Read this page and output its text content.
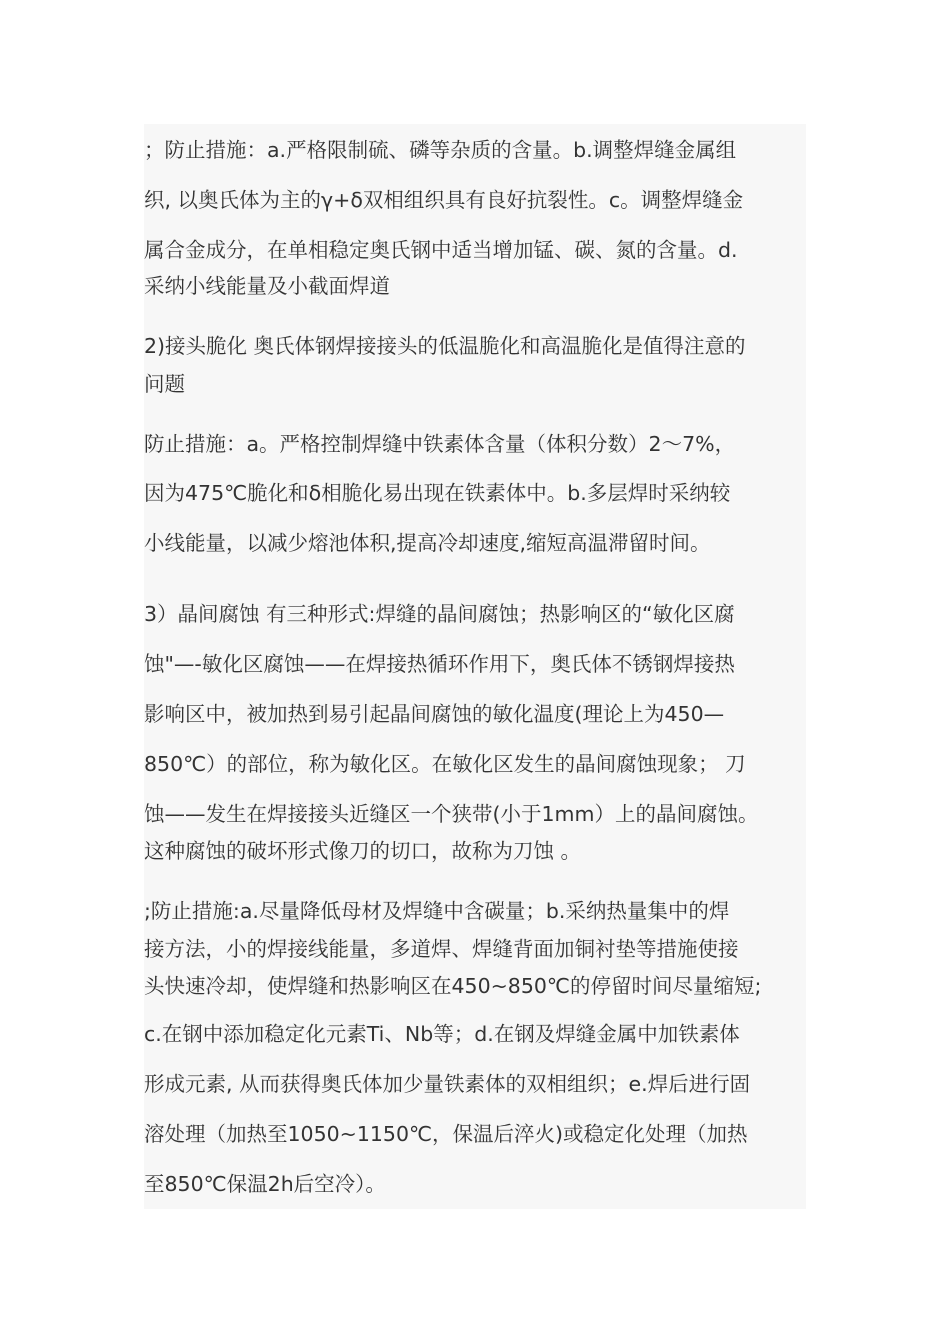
；防止措施：a.严格限制硫、磷等杂质的含量。b.调整焊缝金属组
织, 以奥氏体为主的γ+δ双相组织具有良好抗裂性。c。调整焊缝金
属合金成分，在单相稳定奥氏钢中适当增加锰、碳、氮的含量。d.
采纳小线能量及小截面焊道
2)接头脆化 奥氏体钢焊接接头的低温脆化和高温脆化是值得注意的
问题
防止措施：a。严格控制焊缝中铁素体含量（体积分数）2～7%，
因为475℃脆化和δ相脆化易出现在铁素体中。b.多层焊时采纳较
小线能量，以减少熔池体积,提高冷却速度,缩短高温滞留时间。
3）晶间腐蚀 有三种形式:焊缝的晶间腐蚀；热影响区的“敏化区腐
蚀"—-敏化区腐蚀——在焊接热循环作用下，奥氏体不锈钢焊接热
影响区中，被加热到易引起晶间腐蚀的敏化温度(理论上为450—
850℃）的部位，称为敏化区。在敏化区发生的晶间腐蚀现象； 刀
蚀——发生在焊接接头近缝区一个狭带(小于1mm）上的晶间腐蚀。
这种腐蚀的破坏形式像刀的切口，故称为刀蚀 。
;防止措施:a.尽量降低母材及焊缝中含碳量；b.采纳热量集中的焊
接方法，小的焊接线能量，多道焊、焊缝背面加铜衬垫等措施使接
头快速冷却，使焊缝和热影响区在450~850℃的停留时间尽量缩短;
c.在钢中添加稳定化元素Ti、Nb等；d.在钢及焊缝金属中加铁素体
形成元素, 从而获得奥氏体加少量铁素体的双相组织；e.焊后进行固
溶处理（加热至1050~1150℃，保温后淬火)或稳定化处理（加热
至850℃保温2h后空冷）。
